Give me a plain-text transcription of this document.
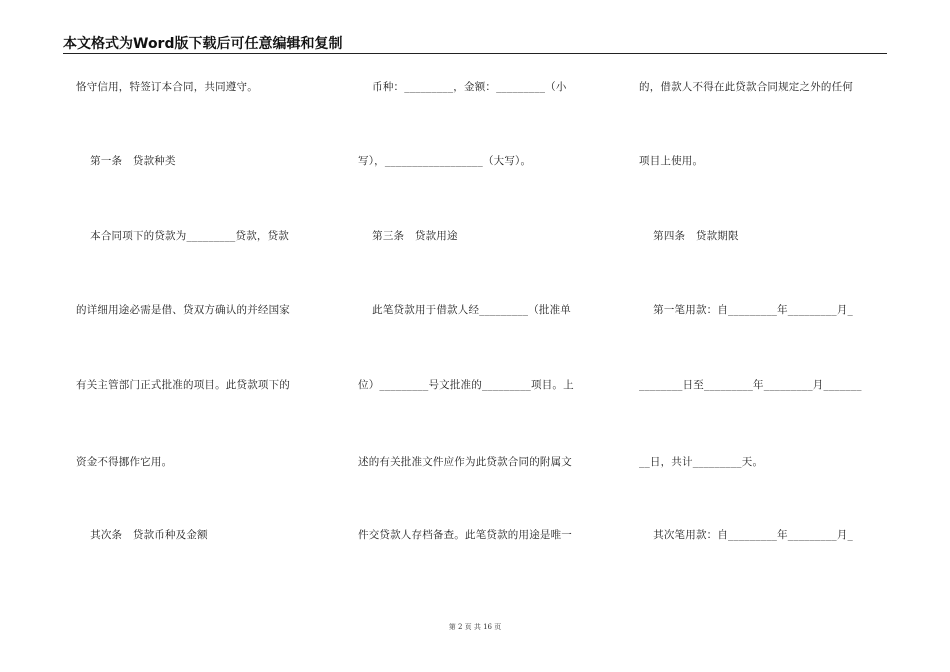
本文格式为Word版下载后可任意编辑和复制
恪守信用，特签订本合同，共同遵守。
第一条   贷款种类
本合同项下的贷款为_________贷款，贷款
的详细用途必需是借、贷双方确认的并经国家
有关主管部门正式批准的项目。此贷款项下的
资金不得挪作它用。
其次条   贷款币种及金额
币种：_________，金额：_________（小
写），__________________（大写）。
第三条   贷款用途
此笔贷款用于借款人经_________（批准单
位）_________号文批准的_________项目。上
述的有关批准文件应作为此贷款合同的附属文
件交贷款人存档备查。此笔贷款的用途是唯一
的，借款人不得在此贷款合同规定之外的任何
项目上使用。
第四条   贷款期限
第一笔用款：自_________年_________月_
________日至_________年_________月_______
__日，共计_________天。
其次笔用款：自_________年_________月_
第 2 页 共 16 页
